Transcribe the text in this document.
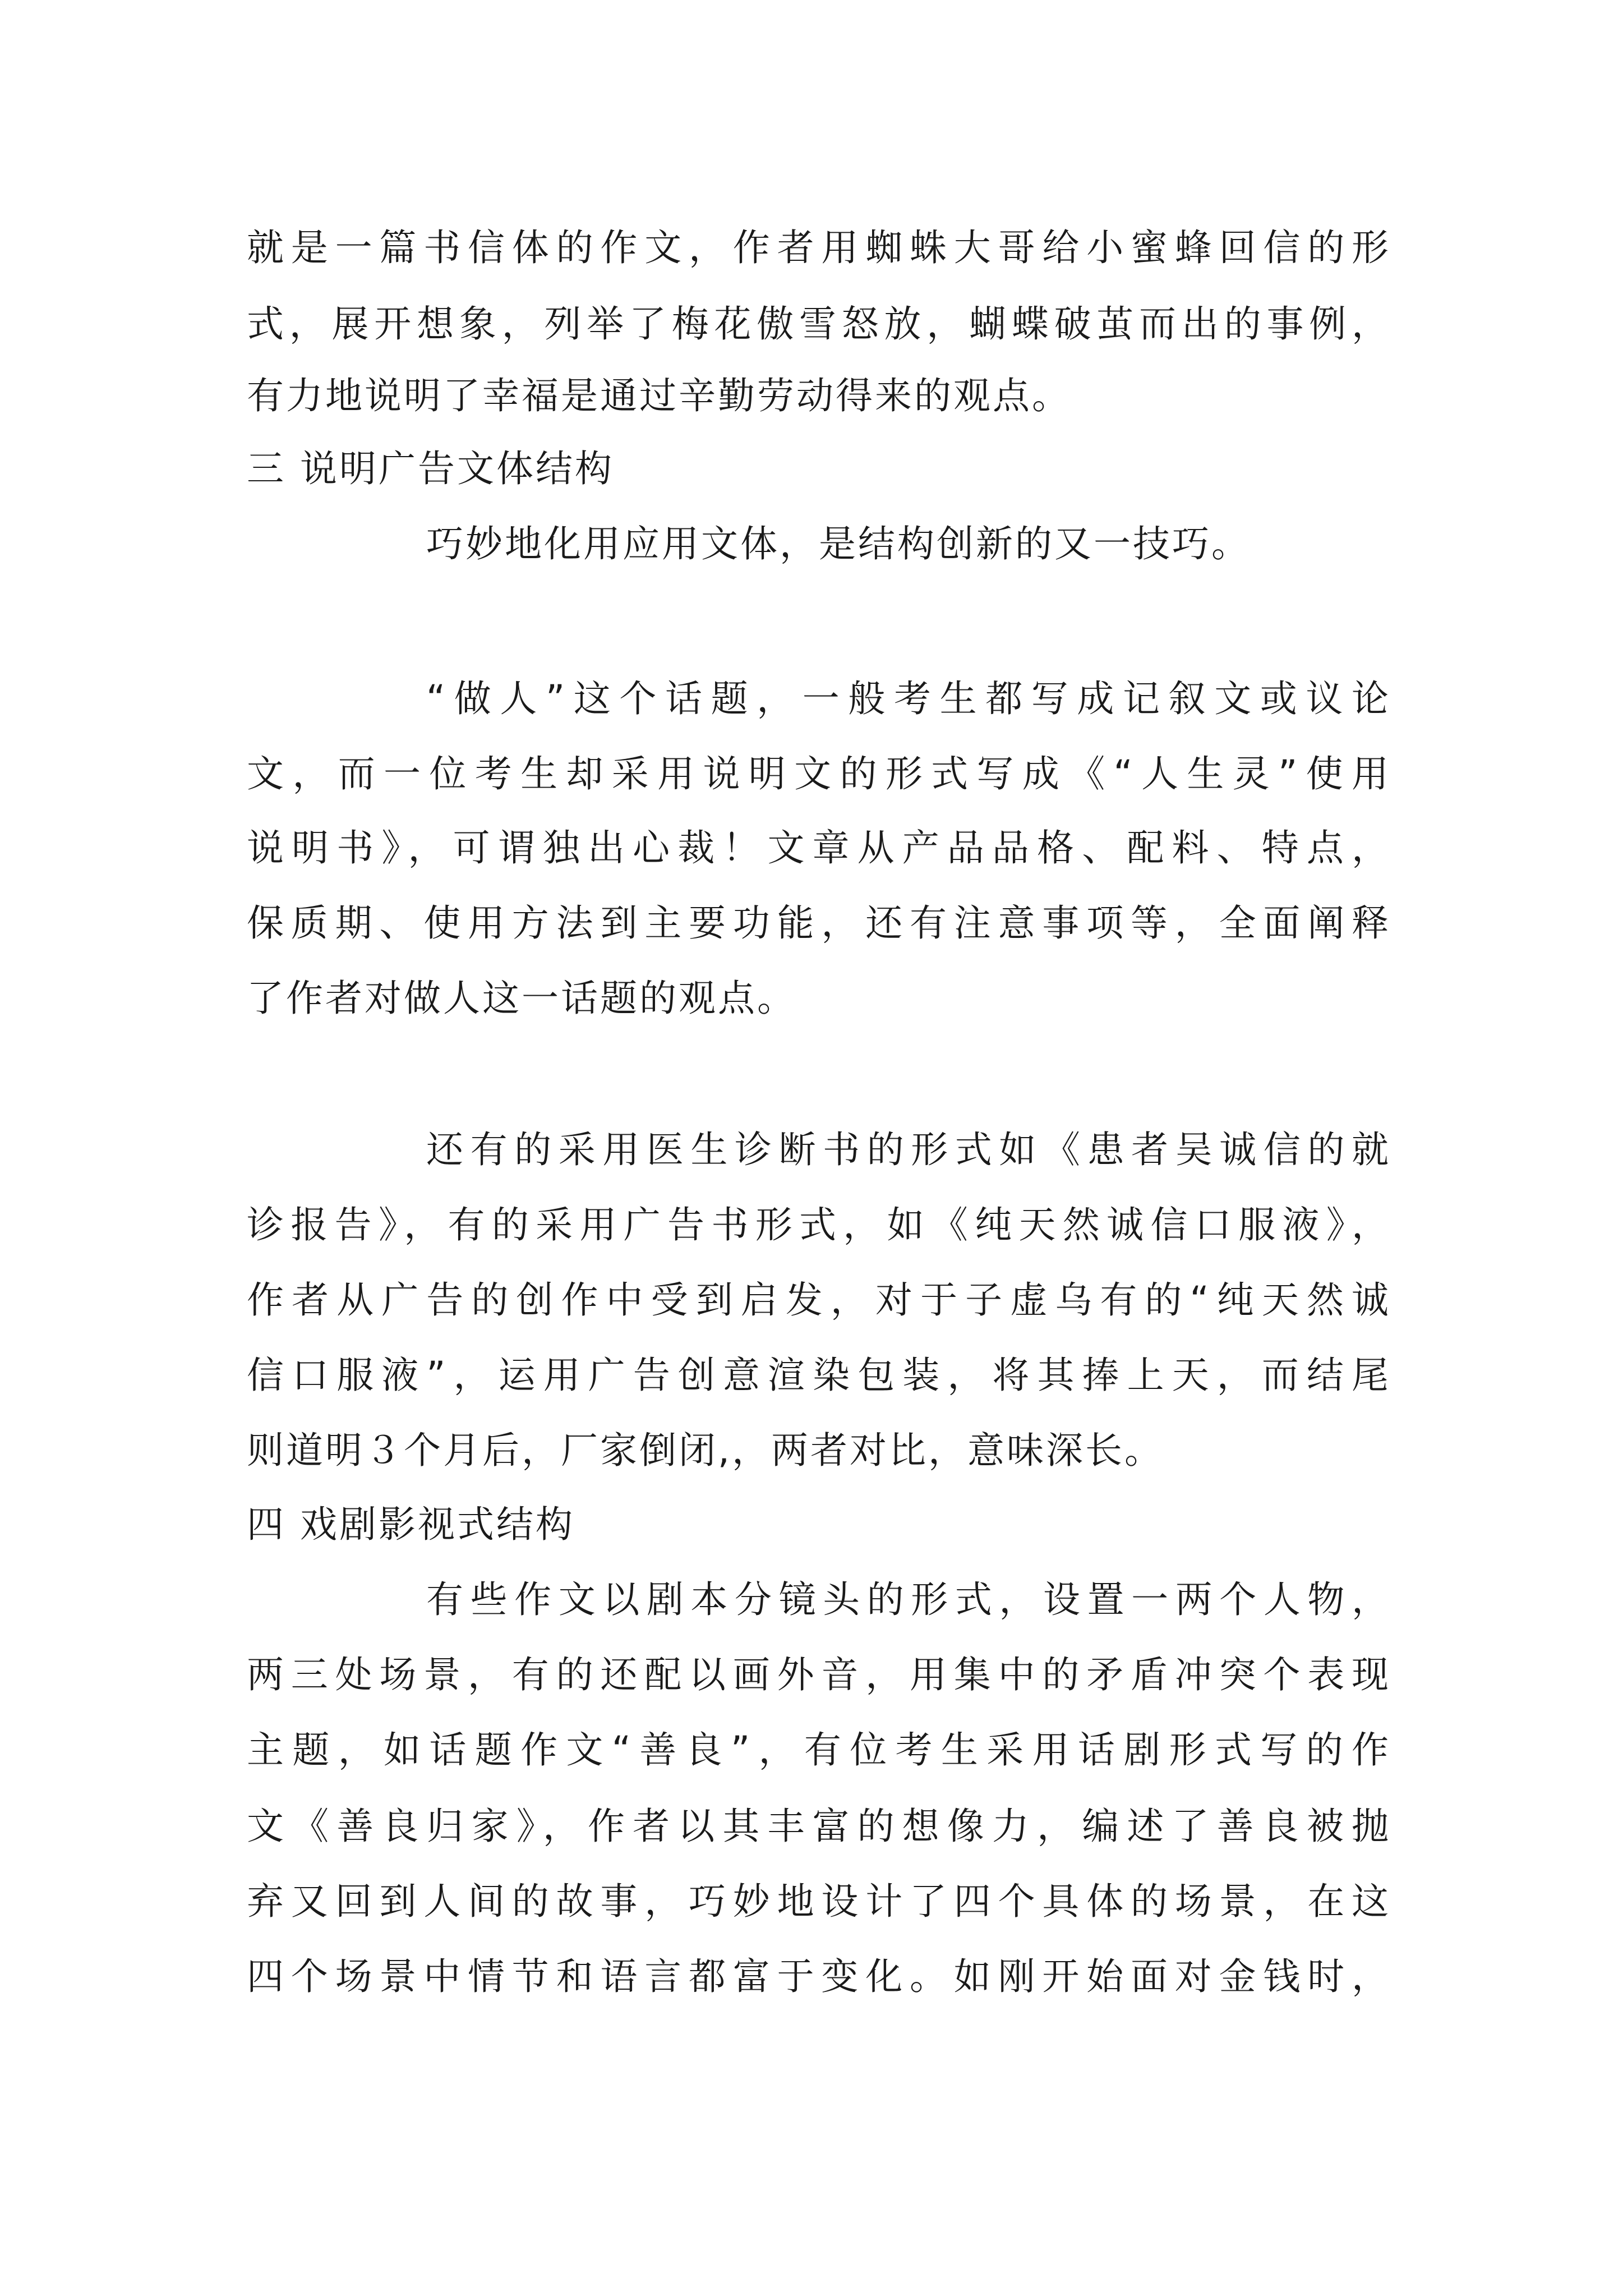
就是一篇书信体的作文，作者用蜘蛛大哥给小蜜蜂回信的形

式，展开想象，列举了梅花傲雪怒放，蝴蝶破茧而出的事例，

有力地说明了幸福是通过辛勤劳动得来的观点。

三 说明广告文体结构

巧妙地化用应用文体，是结构创新的又一技巧。

“做人”这个话题，一般考生都写成记叙文或议论

文，而一位考生却采用说明文的形式写成《“人生灵”使用

说明书》，可谓独出心裁！文章从产品品格、配料、特点，

保质期、使用方法到主要功能，还有注意事项等，全面阐释

了作者对做人这一话题的观点。

还有的采用医生诊断书的形式如《患者吴诚信的就

诊报告》，有的采用广告书形式，如《纯天然诚信口服液》，

作者从广告的创作中受到启发，对于子虚乌有的“纯天然诚

信口服液”，运用广告创意渲染包装，将其捧上天，而结尾

则道明３个月后，厂家倒闭,，两者对比，意味深长。

四 戏剧影视式结构

有些作文以剧本分镜头的形式，设置一两个人物，

两三处场景，有的还配以画外音，用集中的矛盾冲突个表现

主题，如话题作文“善良”，有位考生采用话剧形式写的作

文《善良归家》，作者以其丰富的想像力，编述了善良被抛

弃又回到人间的故事，巧妙地设计了四个具体的场景，在这

四个场景中情节和语言都富于变化。如刚开始面对金钱时，
